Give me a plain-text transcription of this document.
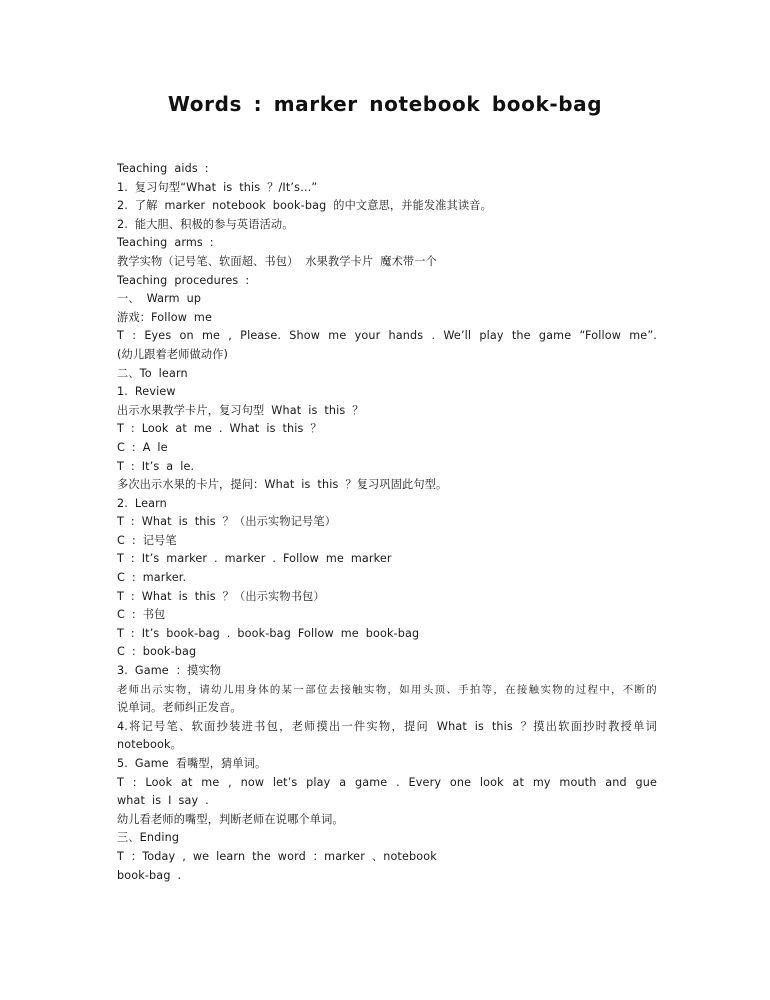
Words : marker notebook book-bag
Teaching aids :
1. 复习句型“What is this ？/It’s…”
2. 了解 marker notebook book-bag 的中文意思，并能发准其读音。
2. 能大胆、积极的参与英语活动。
Teaching arms :
教学实物（记号笔、软面超、书包） 水果教学卡片 魔术带一个
Teaching procedures :
一、 Warm up
游戏：Follow me
T : Eyes on me , Please. Show me your hands . We’ll play the game “Follow me”.
(幼儿跟着老师做动作)
二、To learn
1. Review
出示水果教学卡片，复习句型 What is this ？
T : Look at me . What is this ？
C : A le
T : It’s a le.
多次出示水果的卡片，提问：What is this ？复习巩固此句型。
2. Learn
T : What is this ？（出示实物记号笔）
C : 记号笔
T : It’s marker . marker . Follow me marker
C : marker.
T : What is this ？（出示实物书包）
C : 书包
T : It’s book-bag . book-bag Follow me book-bag
C : book-bag
3. Game ：摸实物
老师出示实物，请幼儿用身体的某一部位去接触实物，如用头顶、手拍等，在接触实物的过程中，不断的
说单词。老师纠正发音。
4.将记号笔、软面抄装进书包，老师摸出一件实物，提问 What is this ？摸出软面抄时教授单词
notebook。
5. Game 看嘴型，猜单词。
T : Look at me , now let’s play a game . Every one look at my mouth and gue
what is I say .
幼儿看老师的嘴型，判断老师在说哪个单词。
三、Ending
T ：Today , we learn the word ：marker 、notebook
book-bag .
